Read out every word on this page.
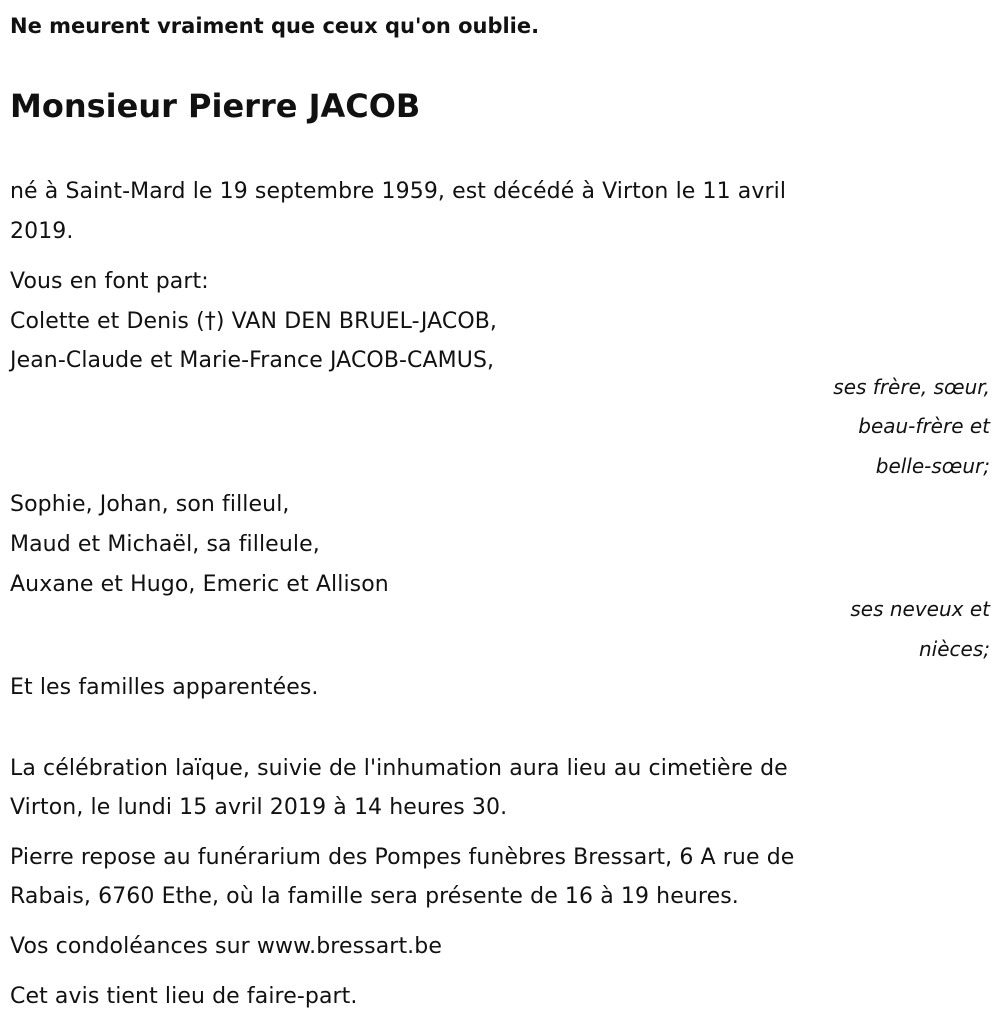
Ne meurent vraiment que ceux qu'on oublie.
Monsieur Pierre JACOB
né à Saint-Mard le 19 septembre 1959, est décédé à Virton le 11 avril
2019.
Vous en font part:
Colette et Denis (†) VAN DEN BRUEL-JACOB,
Jean-Claude et Marie-France JACOB-CAMUS,
ses frère, sœur,
beau-frère et
belle-sœur;
Sophie, Johan, son filleul,
Maud et Michaël, sa filleule,
Auxane et Hugo, Emeric et Allison
ses neveux et
nièces;
Et les familles apparentées.
La célébration laïque, suivie de l'inhumation aura lieu au cimetière de
Virton, le lundi 15 avril 2019 à 14 heures 30.
Pierre repose au funérarium des Pompes funèbres Bressart, 6 A rue de
Rabais, 6760 Ethe, où la famille sera présente de 16 à 19 heures.
Vos condoléances sur www.bressart.be
Cet avis tient lieu de faire-part.
